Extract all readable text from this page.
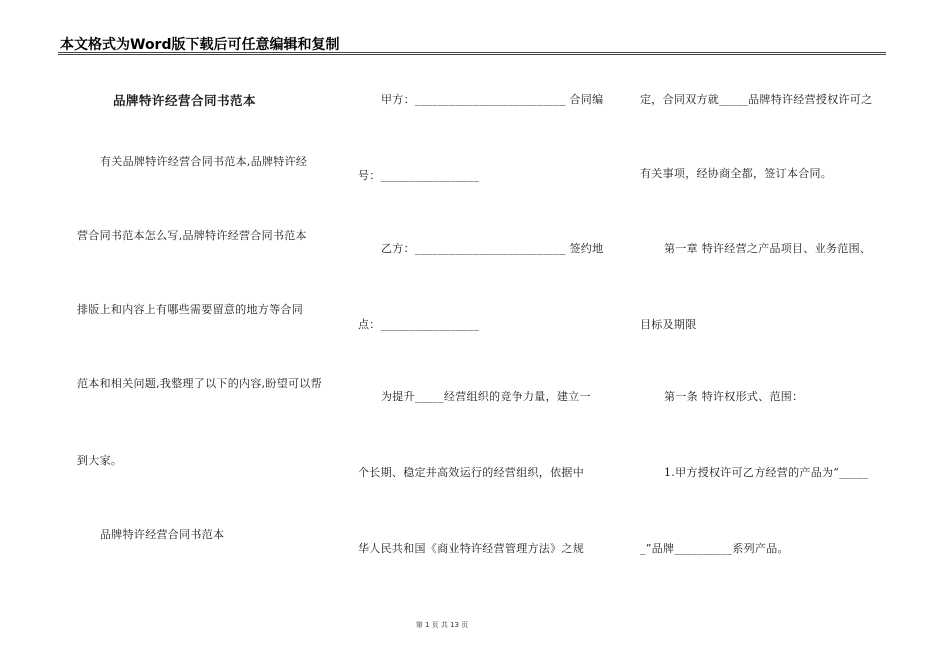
本文格式为Word版下载后可任意编辑和复制
品牌特许经营合同书范本
有关品牌特许经营合同书范本,品牌特许经
营合同书范本怎么写,品牌特许经营合同书范本
排版上和内容上有哪些需要留意的地方等合同
范本和相关问题,我整理了以下的内容,盼望可以帮
到大家。
品牌特许经营合同书范本
甲方：__________________________ 合同编
号：_________________
乙方：__________________________ 签约地
点：_________________
为提升_____经营组织的竞争力量，建立一
个长期、稳定并高效运行的经营组织，依据中
华人民共和国《商业特许经营管理方法》之规
定，合同双方就_____品牌特许经营授权许可之
有关事项，经协商全都，签订本合同。
第一章 特许经营之产品项目、业务范围、
目标及期限
第一条 特许权形式、范围：
1.甲方授权许可乙方经营的产品为“_____
_”品牌__________系列产品。
第 1 页 共 13 页
